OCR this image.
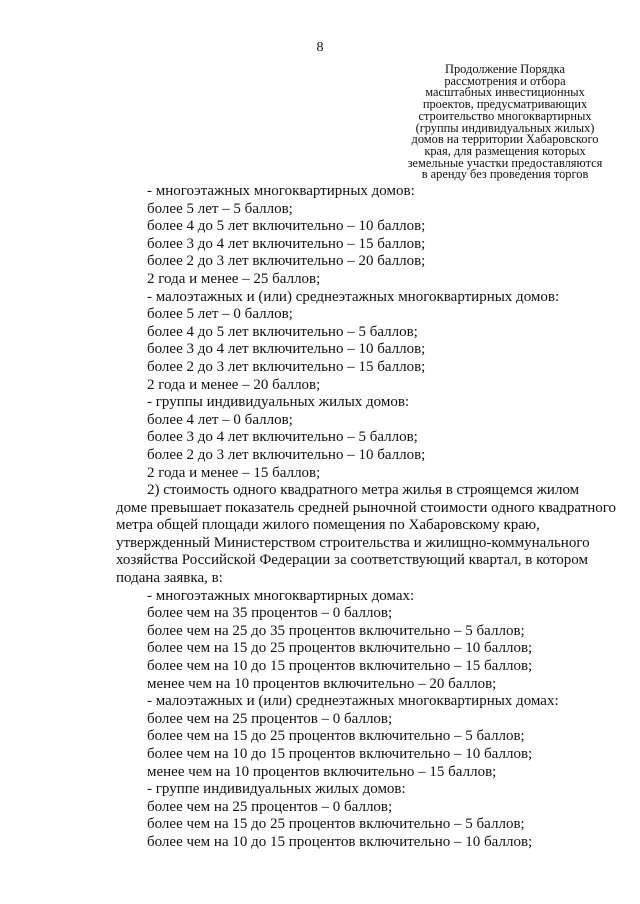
8
Продолжение Порядка
рассмотрения и отбора
масштабных инвестиционных
проектов, предусматривающих
строительство многоквартирных
(группы индивидуальных жилых)
домов на территории Хабаровского
края, для размещения которых
земельные участки предоставляются
в аренду без проведения торгов
- многоэтажных многоквартирных домов:
более 5 лет – 5 баллов;
более 4 до 5 лет включительно – 10 баллов;
более 3 до 4 лет включительно – 15 баллов;
более 2 до 3 лет включительно – 20 баллов;
2 года и менее – 25 баллов;
- малоэтажных и (или) среднеэтажных многоквартирных домов:
более 5 лет – 0 баллов;
более 4 до 5 лет включительно – 5 баллов;
более 3 до 4 лет включительно – 10 баллов;
более 2 до 3 лет включительно – 15 баллов;
2 года и менее – 20 баллов;
- группы индивидуальных жилых домов:
более 4 лет – 0 баллов;
более 3 до 4 лет включительно – 5 баллов;
более 2 до 3 лет включительно – 10 баллов;
2 года и менее – 15 баллов;
2) стоимость одного квадратного метра жилья в строящемся жилом
доме превышает показатель средней рыночной стоимости одного квадратного
метра общей площади жилого помещения по Хабаровскому краю,
утвержденный Министерством строительства и жилищно-коммунального
хозяйства Российской Федерации за соответствующий квартал, в котором
подана заявка, в:
- многоэтажных многоквартирных домах:
более чем на 35 процентов – 0 баллов;
более чем на 25 до 35 процентов включительно – 5 баллов;
более чем на 15 до 25 процентов включительно – 10 баллов;
более чем на 10 до 15 процентов включительно – 15 баллов;
менее чем на 10 процентов включительно – 20 баллов;
- малоэтажных и (или) среднеэтажных многоквартирных домах:
более чем на 25 процентов – 0 баллов;
более чем на 15 до 25 процентов включительно – 5 баллов;
более чем на 10 до 15 процентов включительно – 10 баллов;
менее чем на 10 процентов включительно – 15 баллов;
- группе индивидуальных жилых домов:
более чем на 25 процентов – 0 баллов;
более чем на 15 до 25 процентов включительно – 5 баллов;
более чем на 10 до 15 процентов включительно – 10 баллов;
